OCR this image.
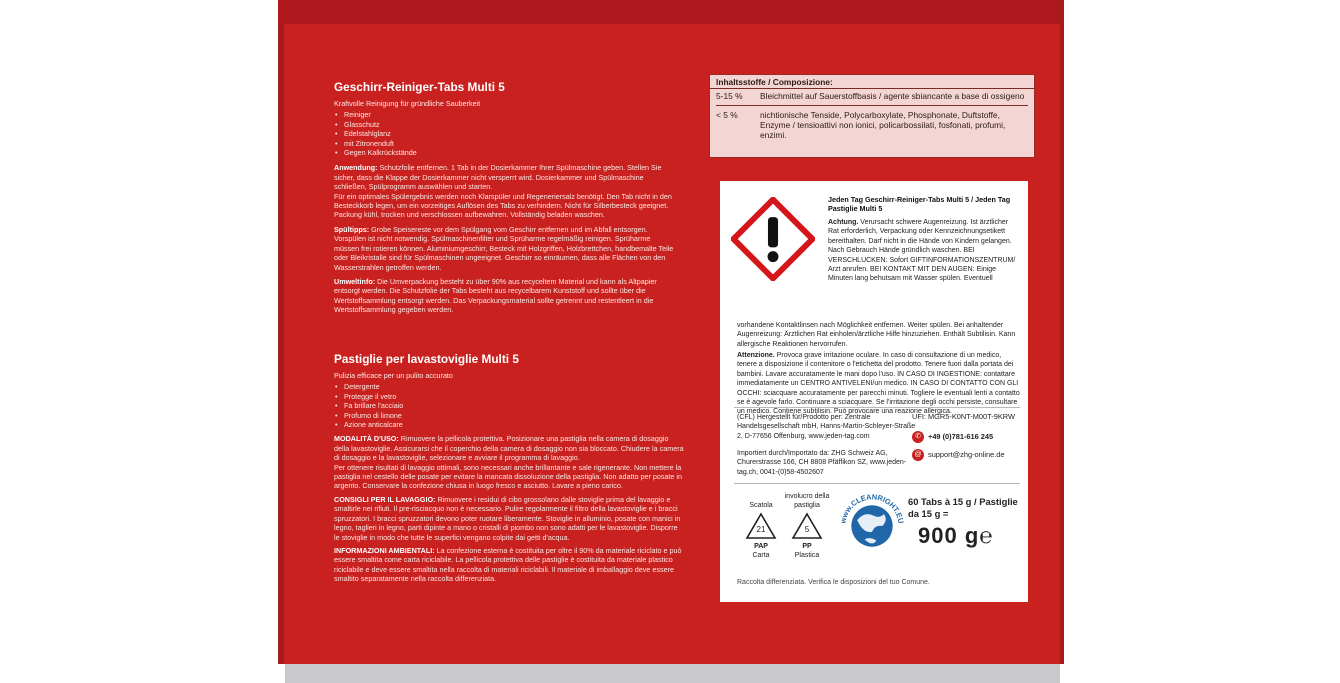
Geschirr-Reiniger-Tabs Multi 5

Kraftvolle Reinigung für gründliche Sauberkeit

• Reiniger
• Glasschutz
• Edelstahlglanz
• mit Zitronenduft
• Gegen Kalkrückstände

Anwendung: Schutzfolie entfernen. 1 Tab in der Dosierkammer Ihrer Spülmaschine geben. Stellen Sie sicher, dass die Klappe der Dosierkammer nicht versperrt wird. Dosierkammer und Spülmaschine schließen, Spülprogramm auswählen und starten.

Für ein optimales Spülergebnis werden noch Klarspüler und Regeneriersalz benötigt. Den Tab nicht in den Besteckkorb legen, um ein vorzeitiges Auflösen des Tabs zu verhindern. Nicht für Silberbesteck geeignet. Packung kühl, trocken und verschlossen aufbewahren. Vollständig beladen waschen.

Spültipps: Grobe Speisereste vor dem Spülgang vom Geschirr entfernen und im Abfall entsorgen. Vorspülen ist nicht notwendig. Spülmaschinenfilter und Sprüharme regelmäßig reinigen. Sprüharme müssen frei rotieren können. Aluminiumgeschirr, Besteck mit Holzgriffen, Holzbrettchen, handbemalte Teile oder Bleikristalle sind für Spülmaschinen ungeeignet. Geschirr so einräumen, dass alle Flächen von den Wasserstrahlen getroffen werden.

Umweltinfo: Die Umverpackung besteht zu über 90% aus recyceltem Material und kann als Altpapier entsorgt werden. Die Schutzfolie der Tabs besteht aus recycelbarem Kunststoff und sollte über die Wertstoffsammlung entsorgt werden. Das Verpackungsmaterial sollte getrennt und restentleert in die Wertstoffsammlung gegeben werden.

Pastiglie per lavastoviglie Multi 5

Pulizia efficace per un pulito accurato

• Detergente
• Protegge il vetro
• Fa brillare l'acciaio
• Profumo di limone
• Azione anticalcare

MODALITÀ D'USO: Rimuovere la pellicola protettiva. Posizionare una pastiglia nella camera di dosaggio della lavastoviglie. Assicurarsi che il coperchio della camera di dosaggio non sia bloccato. Chiudere la camera di dosaggio e la lavastoviglie, selezionare e avviare il programma di lavaggio.

Per ottenere risultati di lavaggio ottimali, sono necessari anche brillantante e sale rigenerante. Non mettere la pastiglia nel cestello delle posate per evitare la mancata dissoluzione della pastiglia. Non adatto per posate in argento. Conservare la confezione chiusa in luogo fresco e asciutto. Lavare a pieno carico.

CONSIGLI PER IL LAVAGGIO: Rimuovere i residui di cibo grossolano dalle stoviglie prima del lavaggio e smaltirle nei rifiuti. Il pre-risciacquo non è necessario. Pulire regolarmente il filtro della lavastoviglie e i bracci spruzzatori. I bracci spruzzatori devono poter ruotare liberamente. Stoviglie in alluminio, posate con manici in legno, taglieri in legno, parti dipinte a mano o cristalli di piombo non sono adatti per le lavastoviglie. Disporre le stoviglie in modo che tutte le superfici vengano colpite dai getti d'acqua.

INFORMAZIONI AMBIENTALI: La confezione esterna è costituita per oltre il 90% da materiale riciclato e può essere smaltita come carta riciclabile. La pellicola protettiva delle pastiglie è costituita da materiale plastico riciclabile e deve essere smaltita nella raccolta di materiali riciclabili. Il materiale di imballaggio deve essere smaltito separatamente nella raccolta differenziata.

Inhaltsstoffe / Composizione:
5-15 %	Bleichmittel auf Sauerstoffbasis / agente sbiancante a base di ossigeno
< 5 %	nichtionische Tenside, Polycarboxylate, Phosphonate, Duftstoffe, Enzyme / tensioattivi non ionici, policarbossilati, fosfonati, profumi, enzimi.
Jeden Tag Geschirr-Reiniger-Tabs Multi 5 / Jeden Tag Pastiglie Multi 5
Achtung. Verursacht schwere Augenreizung. Ist ärztlicher Rat erforderlich, Verpackung oder Kennzeichnungsetikett bereithalten. Darf nicht in die Hände von Kindern gelangen. Nach Gebrauch Hände gründlich waschen. BEI VERSCHLUCKEN: Sofort GIFTINFORMATIONSZENTRUM/ Arzt anrufen. BEI KONTAKT MIT DEN AUGEN: Einige Minuten lang behutsam mit Wasser spülen. Eventuell
vorhandene Kontaktlinsen nach Möglichkeit entfernen. Weiter spülen. Bei anhaltender Augenreizung: Ärztlichen Rat einholen/ärztliche Hilfe hinzuziehen. Enthält Subtilisin. Kann allergische Reaktionen hervorrufen.
Attenzione. Provoca grave irritazione oculare. In caso di consultazione di un medico, tenere a disposizione il contenitore o l'etichetta del prodotto. Tenere fuori dalla portata dei bambini. Lavare accuratamente le mani dopo l'uso. IN CASO DI INGESTIONE: contattare immediatamente un CENTRO ANTIVELENI/un medico. IN CASO DI CONTATTO CON GLI OCCHI: sciacquare accuratamente per parecchi minuti. Togliere le eventuali lenti a contatto se è agevole farlo. Continuare a sciacquare. Se l'irritazione degli occhi persiste, consultare un medico. Contiene subtilisin. Può provocare una reazione allergica.
(CFL) Hergestellt für/Prodotto per: Zentrale Handelsgesellschaft mbH, Hanns-Martin-Schleyer-Straße 2, D-77656 Offenburg, www.jeden-tag.com
Importiert durch/Importato da: ZHG Schweiz AG, Churerstrasse 166, CH 8808 Pfäffikon SZ, www.jeden-tag.ch, 0041-(0)58-4502607
UFI: MGR5-K0NT-M00T-9KRW
✆ +49 (0)781-616 245
@ support@zhg-online.de
Scatola
21
PAP
Carta
involucro della pastiglia
5
PP
Plastica
www.CLEANRIGHT.EU
60 Tabs à 15 g / Pastiglie da 15 g =
900 g℮
Raccolta differenziata. Verifica le disposizioni del tuo Comune.
